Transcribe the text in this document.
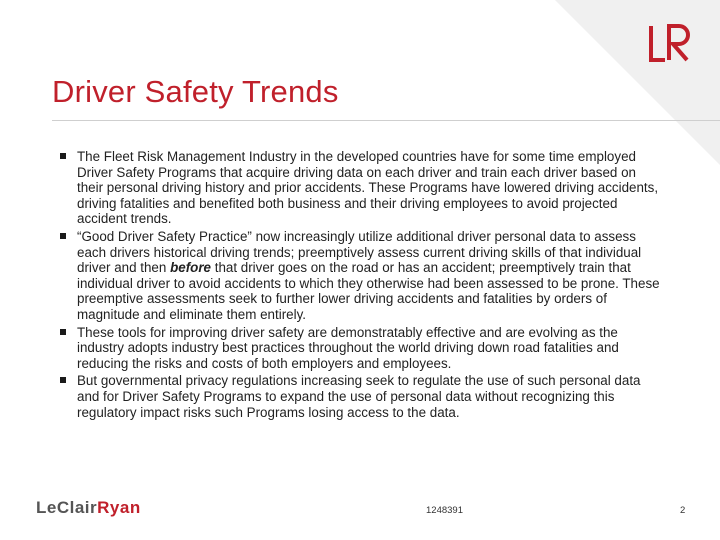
Driver Safety Trends
The Fleet Risk Management Industry in the developed countries have for some time employed Driver Safety Programs that acquire driving data on each driver and train each driver based on their personal driving history and prior accidents. These Programs have lowered driving accidents, driving fatalities and benefited both business and their driving employees to avoid projected accident trends.
“Good Driver Safety Practice” now increasingly utilize additional driver personal data to assess each drivers historical driving trends; preemptively assess current driving skills of that individual driver and then before that driver goes on the road or has an accident; preemptively train that individual driver to avoid accidents to which they otherwise had been assessed to be prone. These preemptive assessments seek to further lower driving accidents and fatalities by orders of magnitude and eliminate them entirely.
These tools for improving driver safety are demonstratably effective and are evolving as the industry adopts industry best practices throughout the world driving down road fatalities and reducing the risks and costs of both employers and employees.
But governmental privacy regulations increasing seek to regulate the use of such personal data and for Driver Safety Programs to expand the use of personal data without recognizing this regulatory impact risks such Programs losing access to the data.
LeClairRyan	1248391	2
